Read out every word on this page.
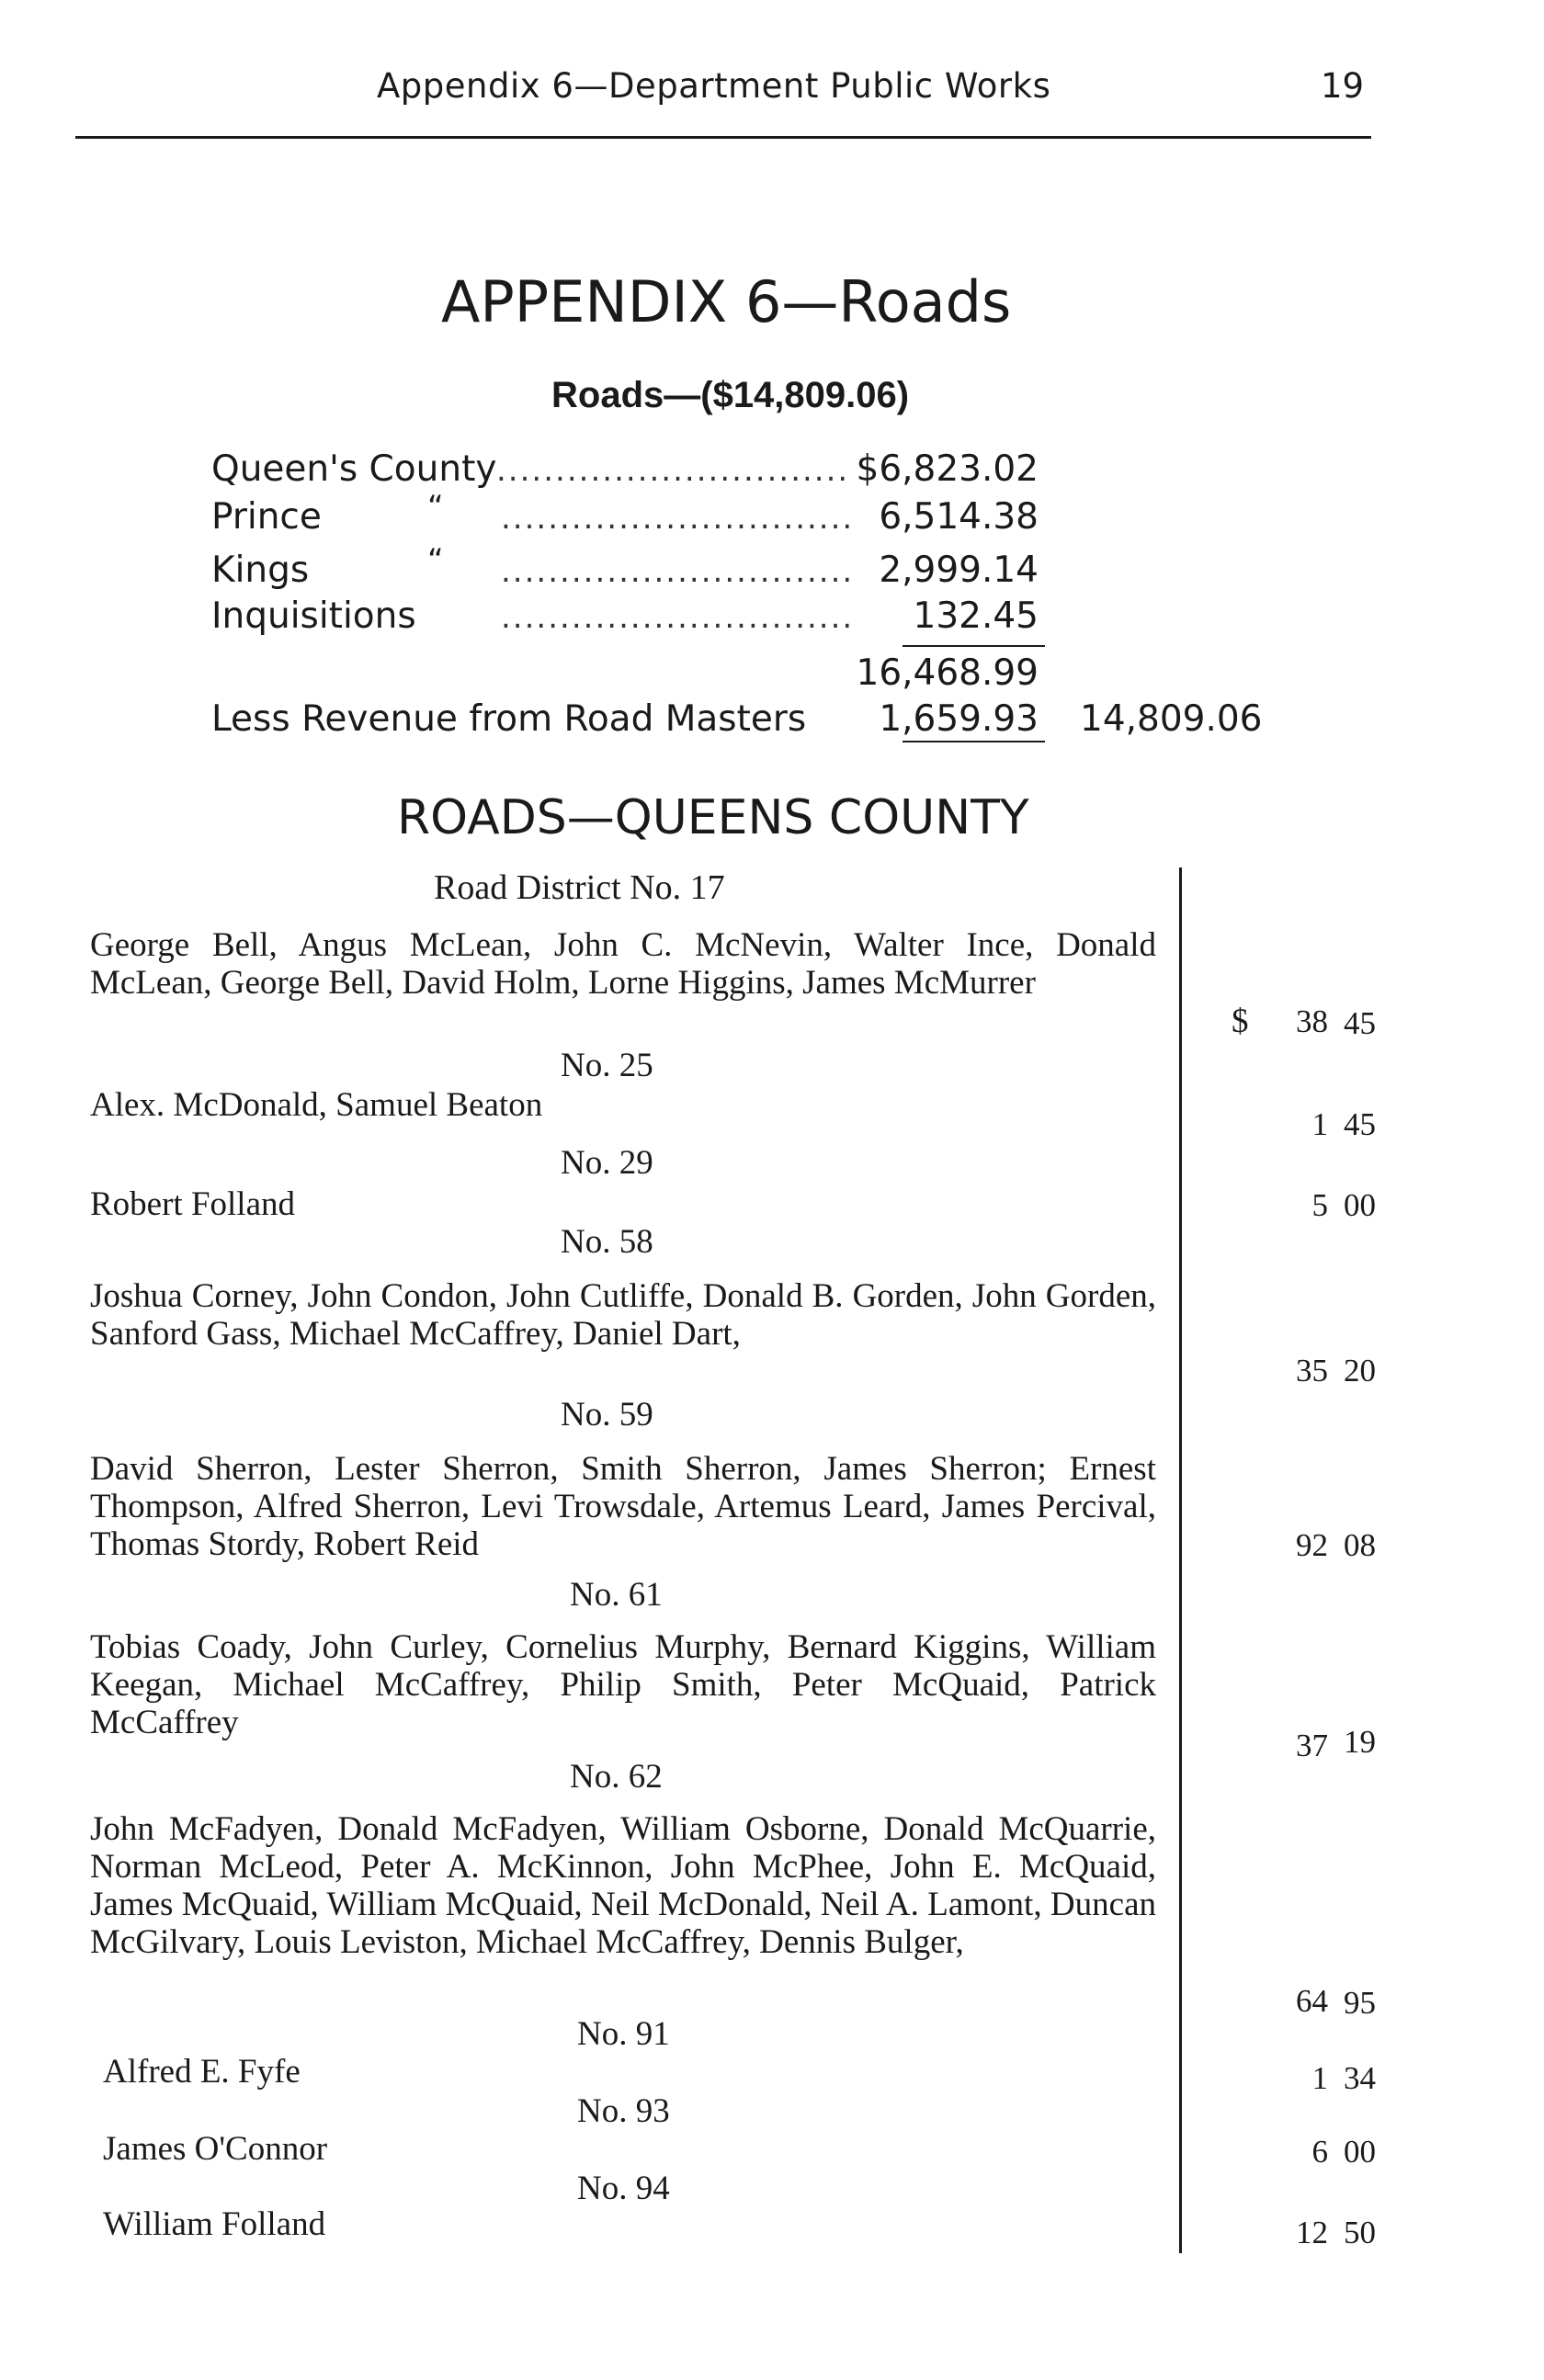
Appendix 6—Department Public Works	19
APPENDIX 6—Roads
Roads—($14,809.06)
Queen's County .............................. $6,823.02
Prince	“ .............................. 6,514.38
Kings	“ .............................. 2,999.14
Inquisitions	..............................	132.45
16,468.99
Less Revenue from Road Masters	1,659.93 14,809.06
ROADS—QUEENS COUNTY
Road District No. 17
George Bell, Angus McLean, John C. McNevin, Walter Ince, Donald McLean, George Bell, David Holm, Lorne Higgins, James McMurrer
$	38 45
No. 25
Alex. McDonald, Samuel Beaton
1 45
No. 29
Robert Folland	5 00
No. 58
Joshua Corney, John Condon, John Cutliffe, Donald B. Gorden, John Gorden, Sanford Gass, Michael McCaffrey, Daniel Dart,
35 20
No. 59
David Sherron, Lester Sherron, Smith Sherron, James Sherron; Ernest Thompson, Alfred Sherron, Levi Trowsdale, Artemus Leard, James Percival, Thomas Stordy, Robert Reid	92 08
No. 61
Tobias Coady, John Curley, Cornelius Murphy, Bernard Kiggins, William Keegan, Michael McCaffrey, Philip Smith, Peter McQuaid, Patrick McCaffrey
37 19
No. 62
John McFadyen, Donald McFadyen, William Osborne, Donald McQuarrie, Norman McLeod, Peter A. McKinnon, John McPhee, John E. McQuaid, James McQuaid, William McQuaid, Neil McDonald, Neil A. Lamont, Duncan McGilvary, Louis Leviston, Michael McCaffrey, Dennis Bulger,
64 95
No. 91
Alfred E. Fyfe	1 34
No. 93
James O'Connor	6 00
No. 94
William Folland	12 50
